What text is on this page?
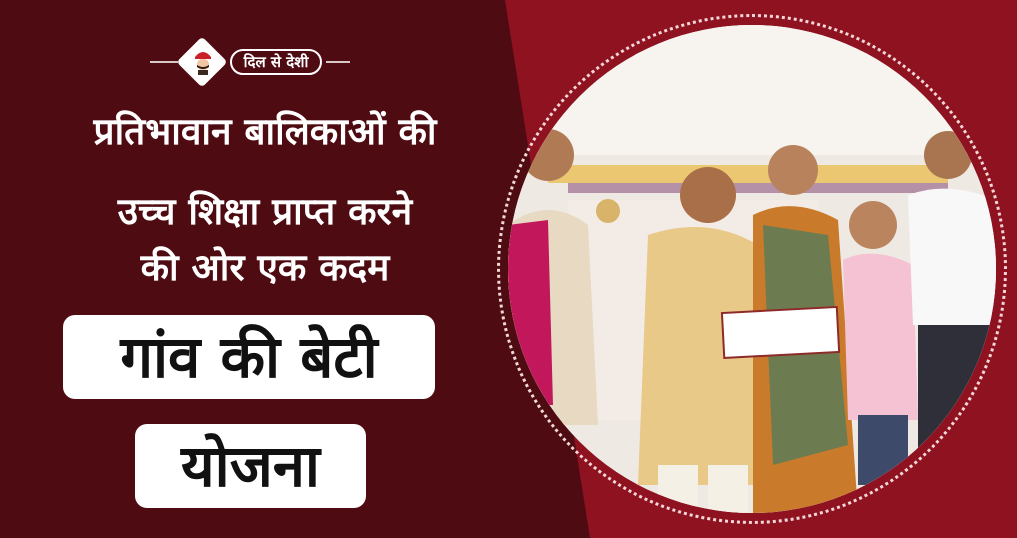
दिल से देशी
प्रतिभावान बालिकाओं की
उच्च शिक्षा प्राप्त करने
की ओर एक कदम
गांव की बेटी
योजना
